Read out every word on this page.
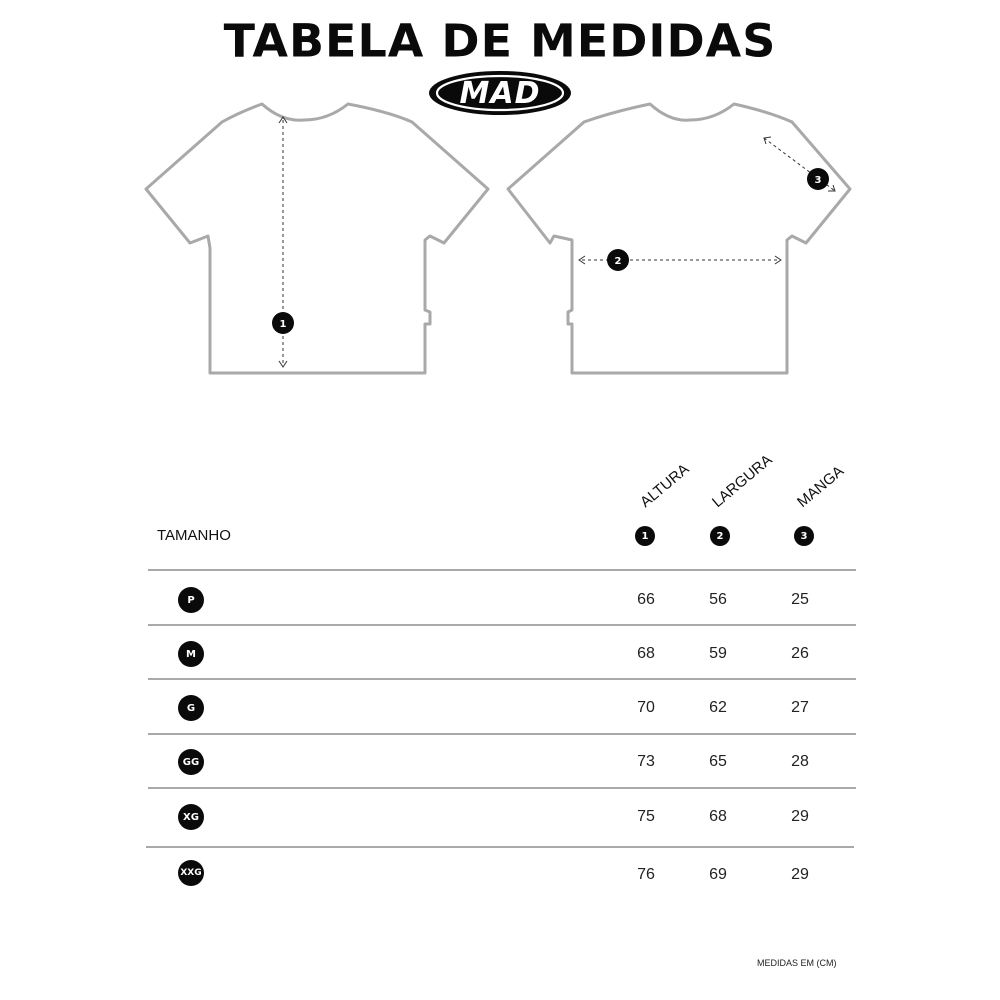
TABELA DE MEDIDAS
MAD
1
2
3
TAMANHO
ALTURA LARGURA MANGA
1	2	3
P	66	56	25
M	68	59	26
G	70	62	27
GG	73	65	28
XG	75	68	29
XXG	76	69	29
MEDIDAS EM (CM)
